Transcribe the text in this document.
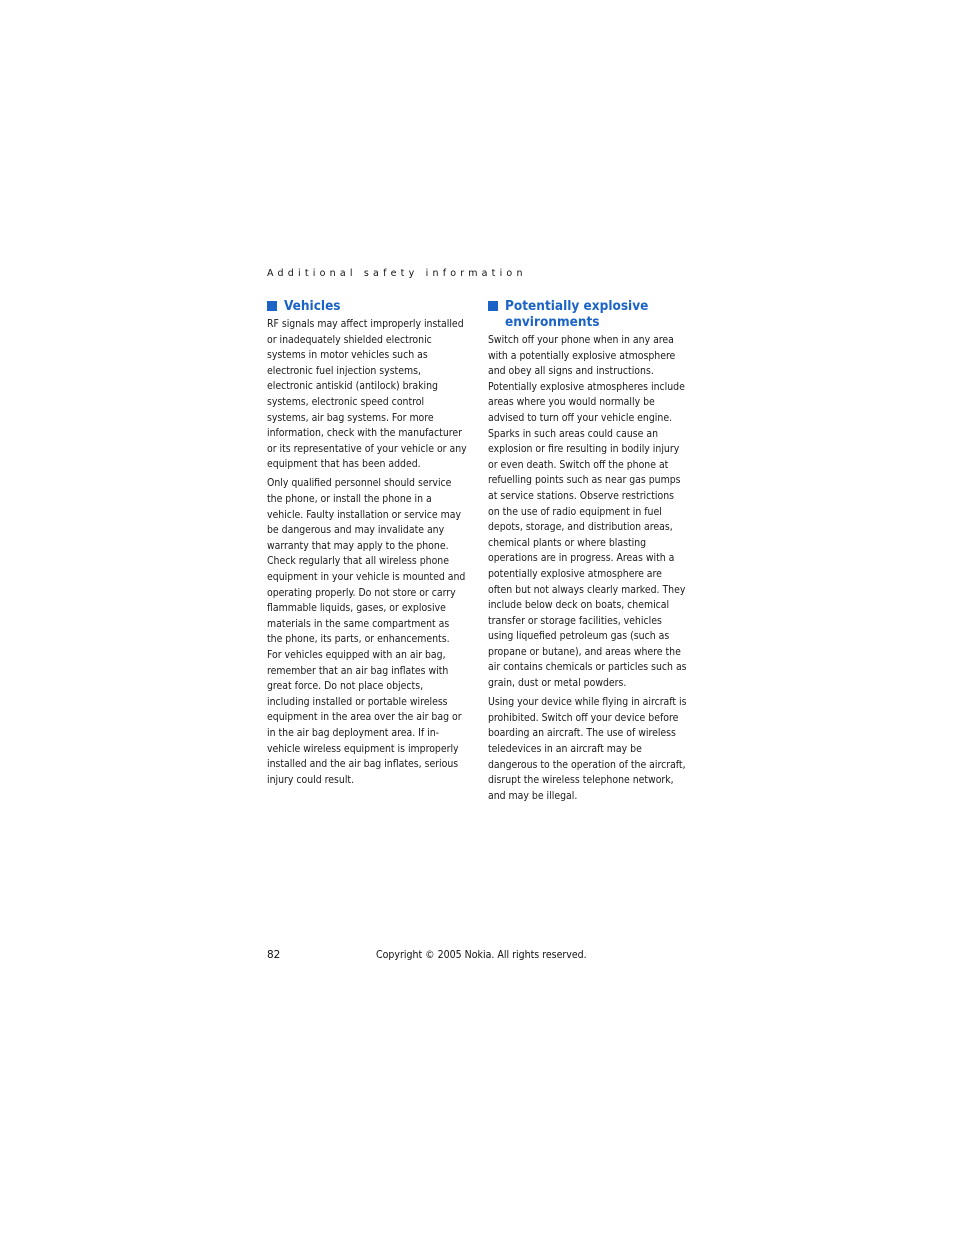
Additional safety information
Vehicles

RF signals may affect improperly installed or inadequately shielded electronic systems in motor vehicles such as electronic fuel injection systems, electronic antiskid (antilock) braking systems, electronic speed control systems, air bag systems. For more information, check with the manufacturer or its representative of your vehicle or any equipment that has been added.

Only qualified personnel should service the phone, or install the phone in a vehicle. Faulty installation or service may be dangerous and may invalidate any warranty that may apply to the phone. Check regularly that all wireless phone equipment in your vehicle is mounted and operating properly. Do not store or carry flammable liquids, gases, or explosive materials in the same compartment as the phone, its parts, or enhancements. For vehicles equipped with an air bag, remember that an air bag inflates with great force. Do not place objects, including installed or portable wireless equipment in the area over the air bag or in the air bag deployment area. If in-vehicle wireless equipment is improperly installed and the air bag inflates, serious injury could result.

Potentially explosive environments

Switch off your phone when in any area with a potentially explosive atmosphere and obey all signs and instructions. Potentially explosive atmospheres include areas where you would normally be advised to turn off your vehicle engine. Sparks in such areas could cause an explosion or fire resulting in bodily injury or even death. Switch off the phone at refuelling points such as near gas pumps at service stations. Observe restrictions on the use of radio equipment in fuel depots, storage, and distribution areas, chemical plants or where blasting operations are in progress. Areas with a potentially explosive atmosphere are often but not always clearly marked. They include below deck on boats, chemical transfer or storage facilities, vehicles using liquefied petroleum gas (such as propane or butane), and areas where the air contains chemicals or particles such as grain, dust or metal powders.

Using your device while flying in aircraft is prohibited. Switch off your device before boarding an aircraft. The use of wireless teledevices in an aircraft may be dangerous to the operation of the aircraft, disrupt the wireless telephone network, and may be illegal.

82	Copyright © 2005 Nokia. All rights reserved.
